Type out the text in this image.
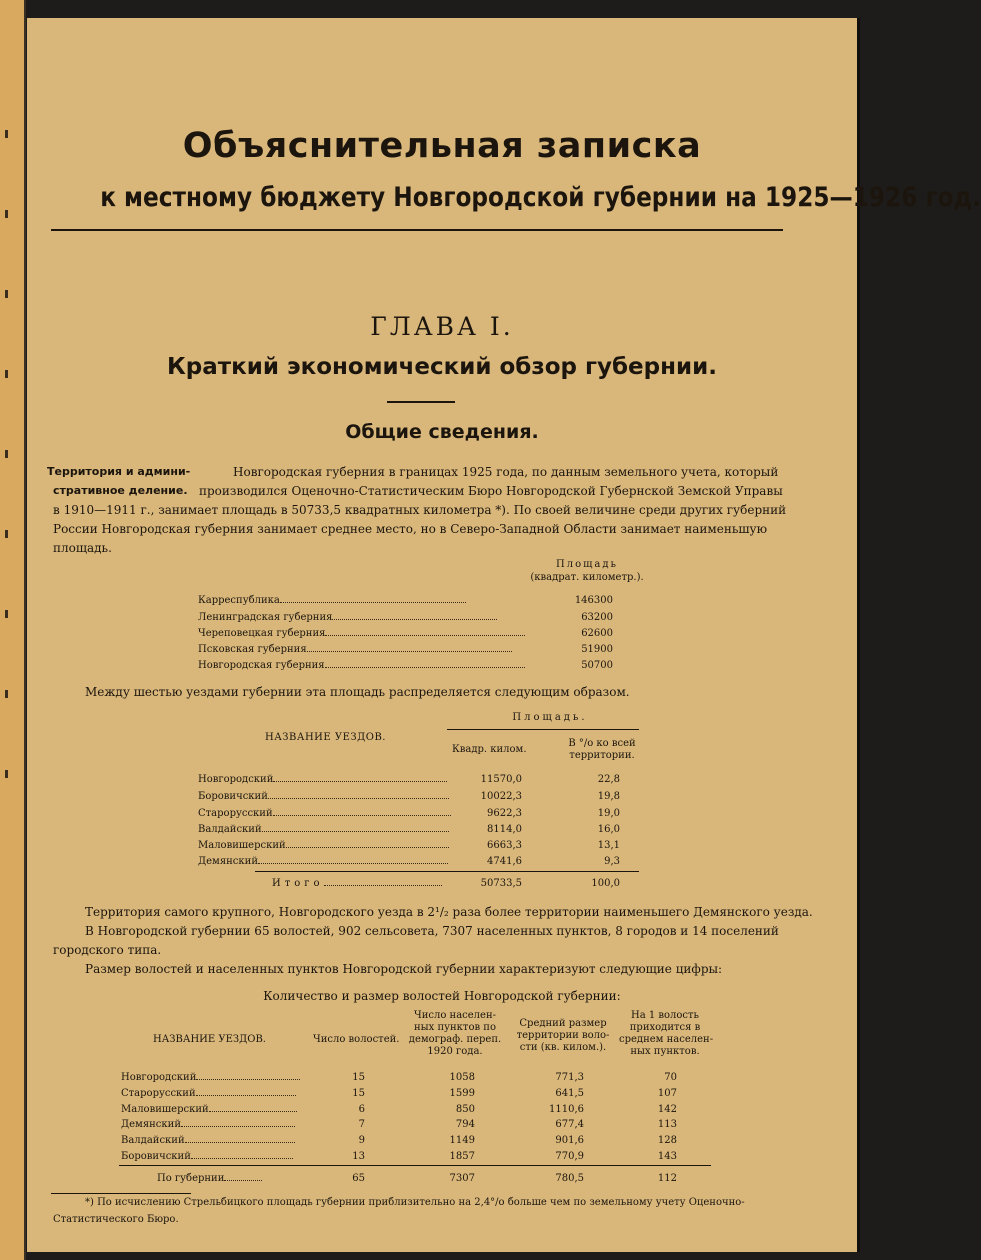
Объяснительная записка
к местному бюджету Новгородской губернии на 1925—1926 год.
ГЛАВА I.
Краткий экономический обзор губернии.
Общие сведения.
Территория и админи-
стративное деление.
Новгородская губерния в границах 1925 года, по данным земельного учета, который
производился Оценочно-Статистическим Бюро Новгородской Губернской Земской Управы
в 1910—1911 г., занимает площадь в 50733,5 квадратных километра *). По своей величине среди других губерний
России Новгородская губерния занимает среднее место, но в Северо-Западной Области занимает наименьшую
площадь.
Площадь
(квадрат. километр.).
Карреспублика	146300
Ленинградская губерния	63200
Череповецкая губерния	62600
Псковская губерния	51900
Новгородская губерния	50700
Между шестью уездами губернии эта площадь распределяется следующим образом.
Площадь.
НАЗВАНИЕ УЕЗДОВ.
Квадр. килом.
В °/о ко всей
территории.
Новгородский	11570,0	22,8
Боровичский	10022,3	19,8
Старорусский	9622,3	19,0
Валдайский	8114,0	16,0
Маловишерский	6663,3	13,1
Демянский	4741,6	9,3
Итого	50733,5	100,0
Территория самого крупного, Новгородского уезда в 2¹/₂ раза более территории наименьшего Демянского уезда.
В Новгородской губернии 65 волостей, 902 сельсовета, 7307 населенных пунктов, 8 городов и 14 поселений
городского типа.
Размер волостей и населенных пунктов Новгородской губернии характеризуют следующие цифры:
Количество и размер волостей Новгородской губернии:
НАЗВАНИЕ УЕЗДОВ.	Число волостей.
Число населен-
ных пунктов по
демограф. переп.
1920 года.
Средний размер
территории воло-
сти (кв. килом.).
На 1 волость
приходится в
среднем населен-
ных пунктов.
Новгородский	15	1058	771,3	70
Старорусский	15	1599	641,5	107
Маловишерский	6	850	1110,6	142
Демянский	7	794	677,4	113
Валдайский	9	1149	901,6	128
Боровичский	13	1857	770,9	143
По губернии	65	7307	780,5	112
*) По исчислению Стрельбицкого площадь губернии приблизительно на 2,4°/о больше чем по земельному учету Оценочно-
Статистического Бюро.
